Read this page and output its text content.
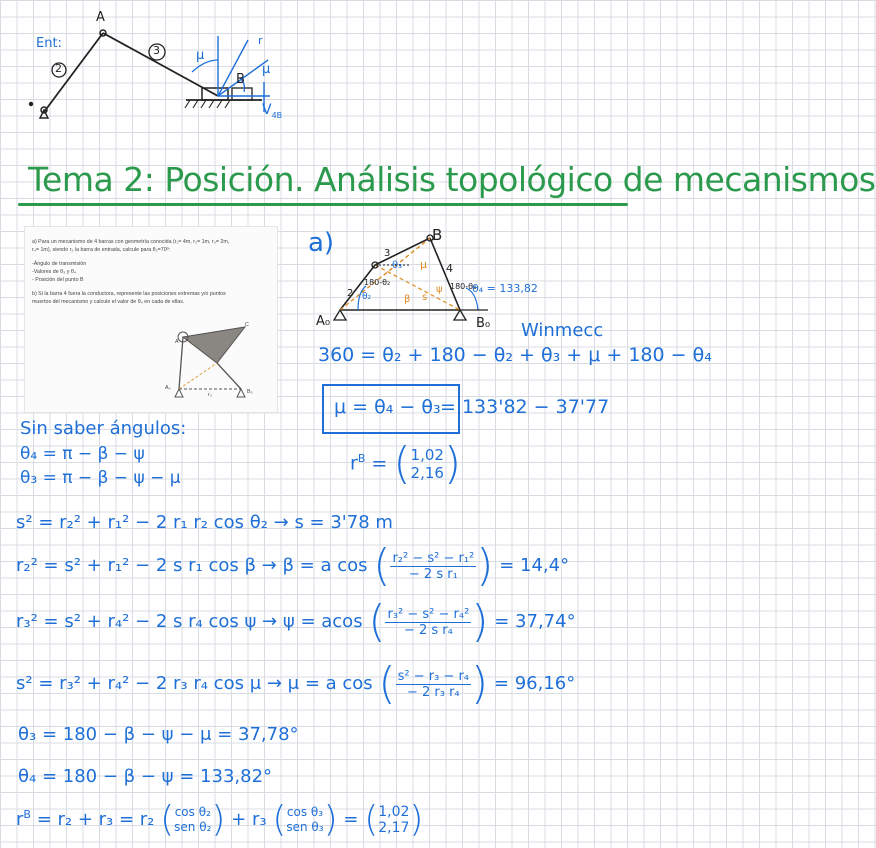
Ent:
A
2
3	μ
μ
B
r
$V_{4B}$
Tema 2: Posición. Análisis topológico de mecanismos
a) Para un mecanismo de 4 barras con geometría conocida (r₁= 4m, r₂= 1m, r₃= 2m,
r₄= 1m), siendo r₂ la barra de entrada, calcule para θ₂=70º:
-Ángulo de transmisión
-Valores de θ₃ y θ₄
- Posición del punto B
b) Si la barra 4 fuera la conductora, represente las posiciones extremas y/o puntos
muertos del mecanismo y calcule el valor de θ₄ en cada de ellas.
C
A
r₃
A₀
B₀
a)	B
3
4
2
θ₃ μ
180-θ₂
θ₂	β s
ψ 180-θ₄
θ₄ = 133,82
A₀	B₀ Winmecc
360 = θ₂ + 180 − θ₂ + θ₃ + μ + 180 − θ₄
μ = θ₄ − θ₃ = 133'82 − 37'77
$r^B$ = ( 1,02
2,16 )
Sin saber ángulos:
θ₄ = π − β − ψ
θ₃ = π − β − ψ − μ
s² = r₂² + r₁² − 2 r₁ r₂ cos θ₂ → s = 3'78 m
r₂² = s² + r₁² − 2 s r₁ cos β → β = a cos ( $\frac{\text{r₂² − s² − r₁²}}{\text{− 2 s r₁}}$ ) = 14,4°
r₃² = s² + r₄² − 2 s r₄ cos ψ → ψ = acos ( $\frac{\text{r₃² − s² − r₄²}}{\text{− 2 s r₄}}$ ) = 37,74°
s² = r₃² + r₄² − 2 r₃ r₄ cos μ → μ = a cos ( $\frac{\text{s² − r₃ − r₄}}{\text{− 2 r₃ r₄}}$ ) = 96,16°
θ₃ = 180 − β − ψ − μ = 37,78°
θ₄ = 180 − β − ψ = 133,82°
$r^B = r_2 + r_3 = r_2$ ( cos θ₂
sen θ₂ ) + r₃ ( cos θ₃
sen θ₃ ) = ( 1,02
2,17 )
